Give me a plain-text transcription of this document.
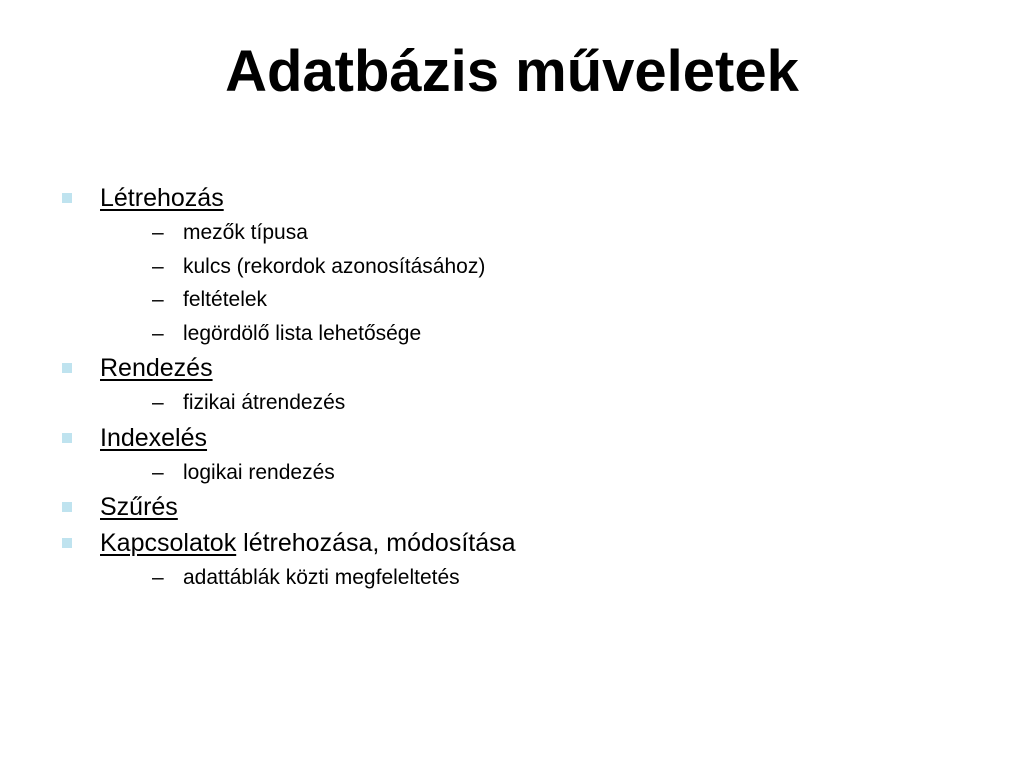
Adatbázis műveletek
Létrehozás
– mezők típusa
– kulcs (rekordok azonosításához)
– feltételek
– legördölő lista lehetősége
Rendezés
– fizikai átrendezés
Indexelés
– logikai rendezés
Szűrés
Kapcsolatok létrehozása, módosítása
– adattáblák közti megfeleltetés
